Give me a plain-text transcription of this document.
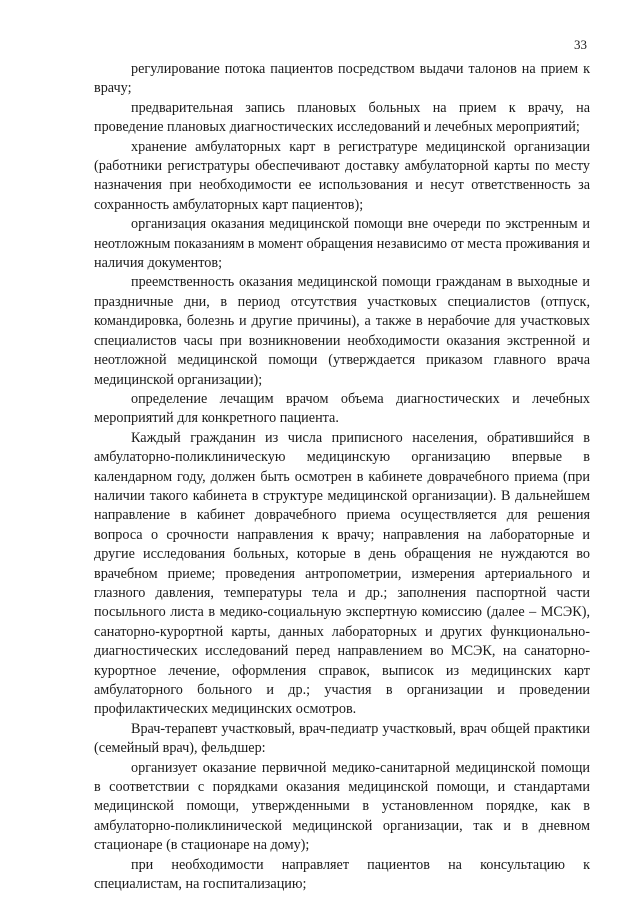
33

регулирование потока пациентов посредством выдачи талонов на прием к врачу;

предварительная запись плановых больных на прием к врачу, на проведение плановых диагностических исследований и лечебных мероприятий;

хранение амбулаторных карт в регистратуре медицинской организации (работники регистратуры обеспечивают доставку амбулаторной карты по месту назначения при необходимости ее использования и несут ответственность за сохранность амбулаторных карт пациентов);

организация оказания медицинской помощи вне очереди по экстренным и неотложным показаниям в момент обращения независимо от места проживания и наличия документов;

преемственность оказания медицинской помощи гражданам в выходные и праздничные дни, в период отсутствия участковых специалистов (отпуск, командировка, болезнь и другие причины), а также в нерабочие для участковых специалистов часы при возникновении необходимости оказания экстренной и неотложной медицинской помощи (утверждается приказом главного врача медицинской организации);

определение лечащим врачом объема диагностических и лечебных мероприятий для конкретного пациента.

Каждый гражданин из числа приписного населения, обратившийся в амбулаторно-поликлиническую медицинскую организацию впервые в календарном году, должен быть осмотрен в кабинете доврачебного приема (при наличии такого кабинета в структуре медицинской организации). В дальнейшем направление в кабинет доврачебного приема осуществляется для решения вопроса о срочности направления к врачу; направления на лабораторные и другие исследования больных, которые в день обращения не нуждаются во врачебном приеме; проведения антропометрии, измерения артериального и глазного давления, температуры тела и др.; заполнения паспортной части посыльного листа в медико-социальную экспертную комиссию (далее – МСЭК), санаторно-курортной карты, данных лабораторных и других функционально-диагностических исследований перед направлением во МСЭК, на санаторно-курортное лечение, оформления справок, выписок из медицинских карт амбулаторного больного и др.; участия в организации и проведении профилактических медицинских осмотров.

Врач-терапевт участковый, врач-педиатр участковый, врач общей практики (семейный врач), фельдшер:

организует оказание первичной медико-санитарной медицинской помощи в соответствии с порядками оказания медицинской помощи, и стандартами медицинской помощи, утвержденными в установленном порядке, как в амбулаторно-поликлинической медицинской организации, так и в дневном стационаре (в стационаре на дому);

при необходимости направляет пациентов на консультацию к специалистам, на госпитализацию;
